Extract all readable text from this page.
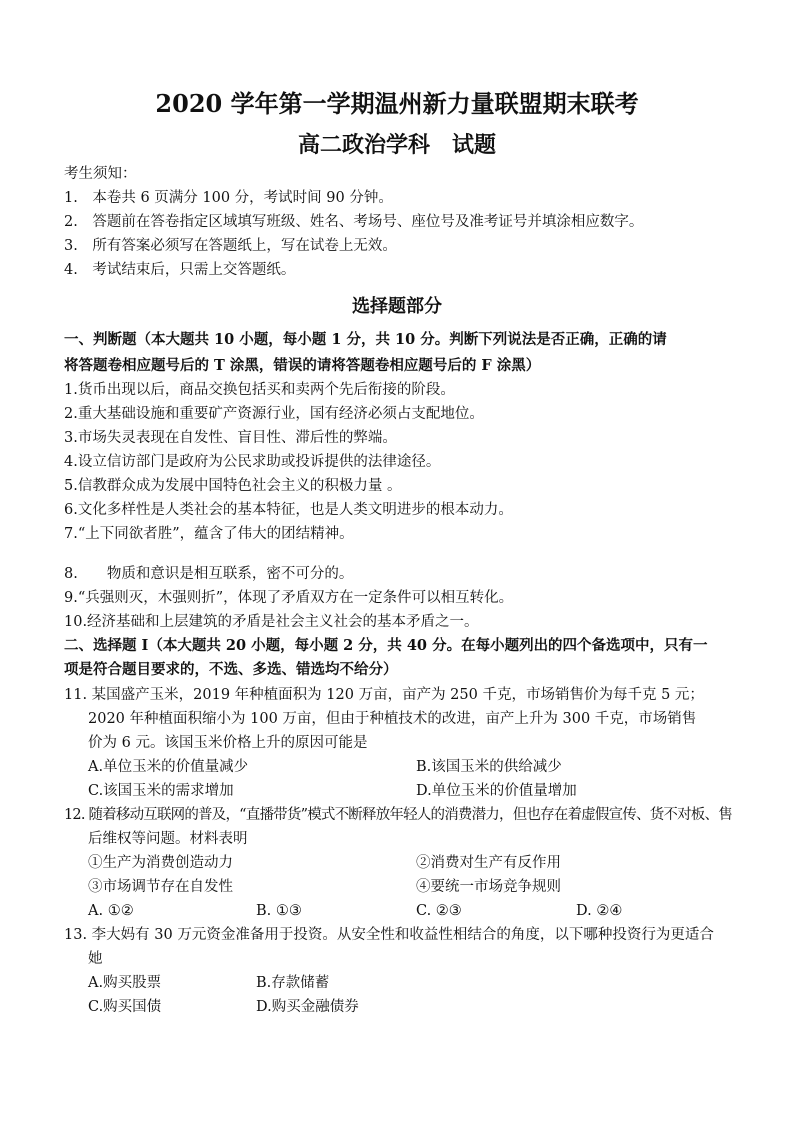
2020 学年第一学期温州新力量联盟期末联考
高二政治学科　试题
考生须知：
1.　本卷共 6 页满分 100 分，考试时间 90 分钟。
2.　答题前在答卷指定区域填写班级、姓名、考场号、座位号及准考证号并填涂相应数字。
3.　所有答案必须写在答题纸上，写在试卷上无效。
4.　考试结束后，只需上交答题纸。
选择题部分
一、判断题（本大题共 10 小题，每小题 1 分，共 10 分。判断下列说法是否正确，正确的请
将答题卷相应题号后的 T 涂黑，错误的请将答题卷相应题号后的 F 涂黑）
1.货币出现以后，商品交换包括买和卖两个先后衔接的阶段。
2.重大基础设施和重要矿产资源行业，国有经济必须占支配地位。
3.市场失灵表现在自发性、盲目性、滞后性的弊端。
4.设立信访部门是政府为公民求助或投诉提供的法律途径。
5.信教群众成为发展中国特色社会主义的积极力量 。
6.文化多样性是人类社会的基本特征，也是人类文明进步的根本动力。
7.“上下同欲者胜”，蕴含了伟大的团结精神。
8.　　物质和意识是相互联系，密不可分的。
9.“兵强则灭，木强则折”，体现了矛盾双方在一定条件可以相互转化。
10.经济基础和上层建筑的矛盾是社会主义社会的基本矛盾之一。
二、选择题 I（本大题共 20 小题，每小题 2 分，共 40 分。在每小题列出的四个备选项中，只有一
项是符合题目要求的，不选、多选、错选均不给分）
11. 某国盛产玉米，2019 年种植面积为 120 万亩，亩产为 250 千克，市场销售价为每千克 5 元；
2020 年种植面积缩小为 100 万亩，但由于种植技术的改进，亩产上升为 300 千克，市场销售
价为 6 元。该国玉米价格上升的原因可能是
A.单位玉米的价值量减少	B.该国玉米的供给减少
C.该国玉米的需求增加	D.单位玉米的价值量增加
12. 随着移动互联网的普及，“直播带货”模式不断释放年轻人的消费潜力，但也存在着虚假宣传、货不对板、售
后维权等问题。材料表明
①生产为消费创造动力	②消费对生产有反作用
③市场调节存在自发性	④要统一市场竞争规则
A. ①②	B. ①③	C. ②③	D. ②④
13. 李大妈有 30 万元资金准备用于投资。从安全性和收益性相结合的角度，以下哪种投资行为更适合
她
A.购买股票	B.存款储蓄
C.购买国债	D.购买金融债券
